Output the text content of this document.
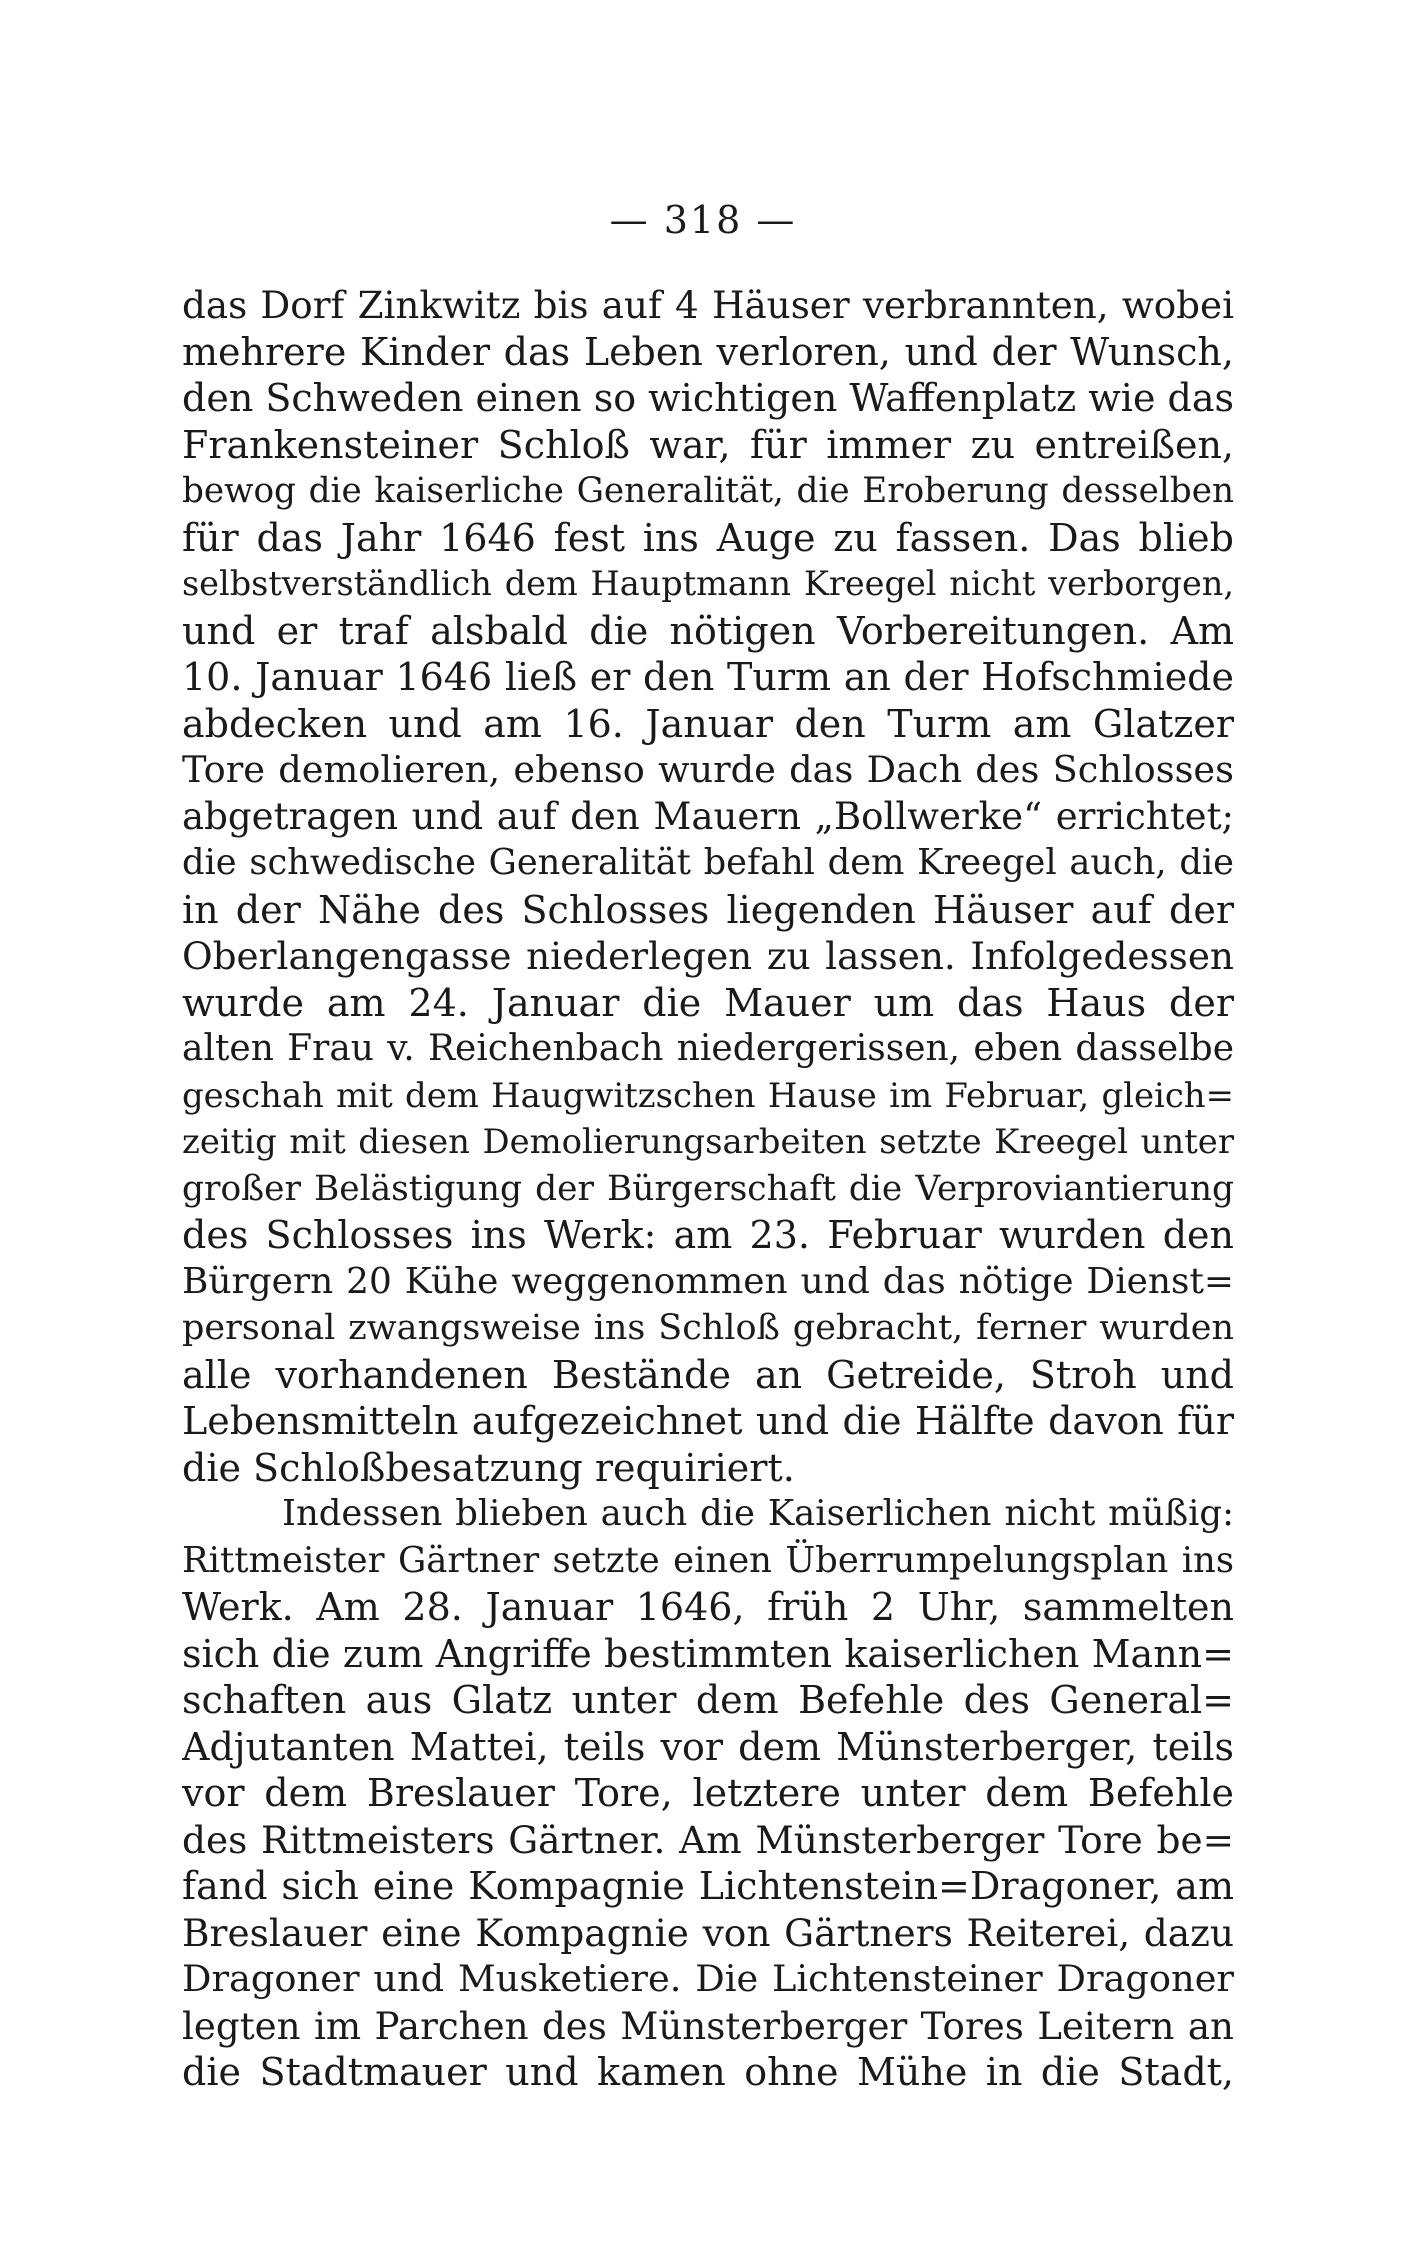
— 318 —
das Dorf Zinkwitz bis auf 4 Häuser verbrannten, wobei
mehrere Kinder das Leben verloren, und der Wunsch,
den Schweden einen so wichtigen Waffenplatz wie das
Frankensteiner Schloß war, für immer zu entreißen,
bewog die kaiserliche Generalität, die Eroberung desselben
für das Jahr 1646 fest ins Auge zu fassen. Das blieb
selbstverständlich dem Hauptmann Kreegel nicht verborgen,
und er traf alsbald die nötigen Vorbereitungen. Am
10. Januar 1646 ließ er den Turm an der Hofschmiede
abdecken und am 16. Januar den Turm am Glatzer
Tore demolieren, ebenso wurde das Dach des Schlosses
abgetragen und auf den Mauern „Bollwerke“ errichtet;
die schwedische Generalität befahl dem Kreegel auch, die
in der Nähe des Schlosses liegenden Häuser auf der
Oberlangengasse niederlegen zu lassen. Infolgedessen
wurde am 24. Januar die Mauer um das Haus der
alten Frau v. Reichenbach niedergerissen, eben dasselbe
geschah mit dem Haugwitzschen Hause im Februar, gleich=
zeitig mit diesen Demolierungsarbeiten setzte Kreegel unter
großer Belästigung der Bürgerschaft die Verproviantierung
des Schlosses ins Werk: am 23. Februar wurden den
Bürgern 20 Kühe weggenommen und das nötige Dienst=
personal zwangsweise ins Schloß gebracht, ferner wurden
alle vorhandenen Bestände an Getreide, Stroh und
Lebensmitteln aufgezeichnet und die Hälfte davon für
die Schloßbesatzung requiriert.
Indessen blieben auch die Kaiserlichen nicht müßig:
Rittmeister Gärtner setzte einen Überrumpelungsplan ins
Werk. Am 28. Januar 1646, früh 2 Uhr, sammelten
sich die zum Angriffe bestimmten kaiserlichen Mann=
schaften aus Glatz unter dem Befehle des General=
Adjutanten Mattei, teils vor dem Münsterberger, teils
vor dem Breslauer Tore, letztere unter dem Befehle
des Rittmeisters Gärtner. Am Münsterberger Tore be=
fand sich eine Kompagnie Lichtenstein=Dragoner, am
Breslauer eine Kompagnie von Gärtners Reiterei, dazu
Dragoner und Musketiere. Die Lichtensteiner Dragoner
legten im Parchen des Münsterberger Tores Leitern an
die Stadtmauer und kamen ohne Mühe in die Stadt,
